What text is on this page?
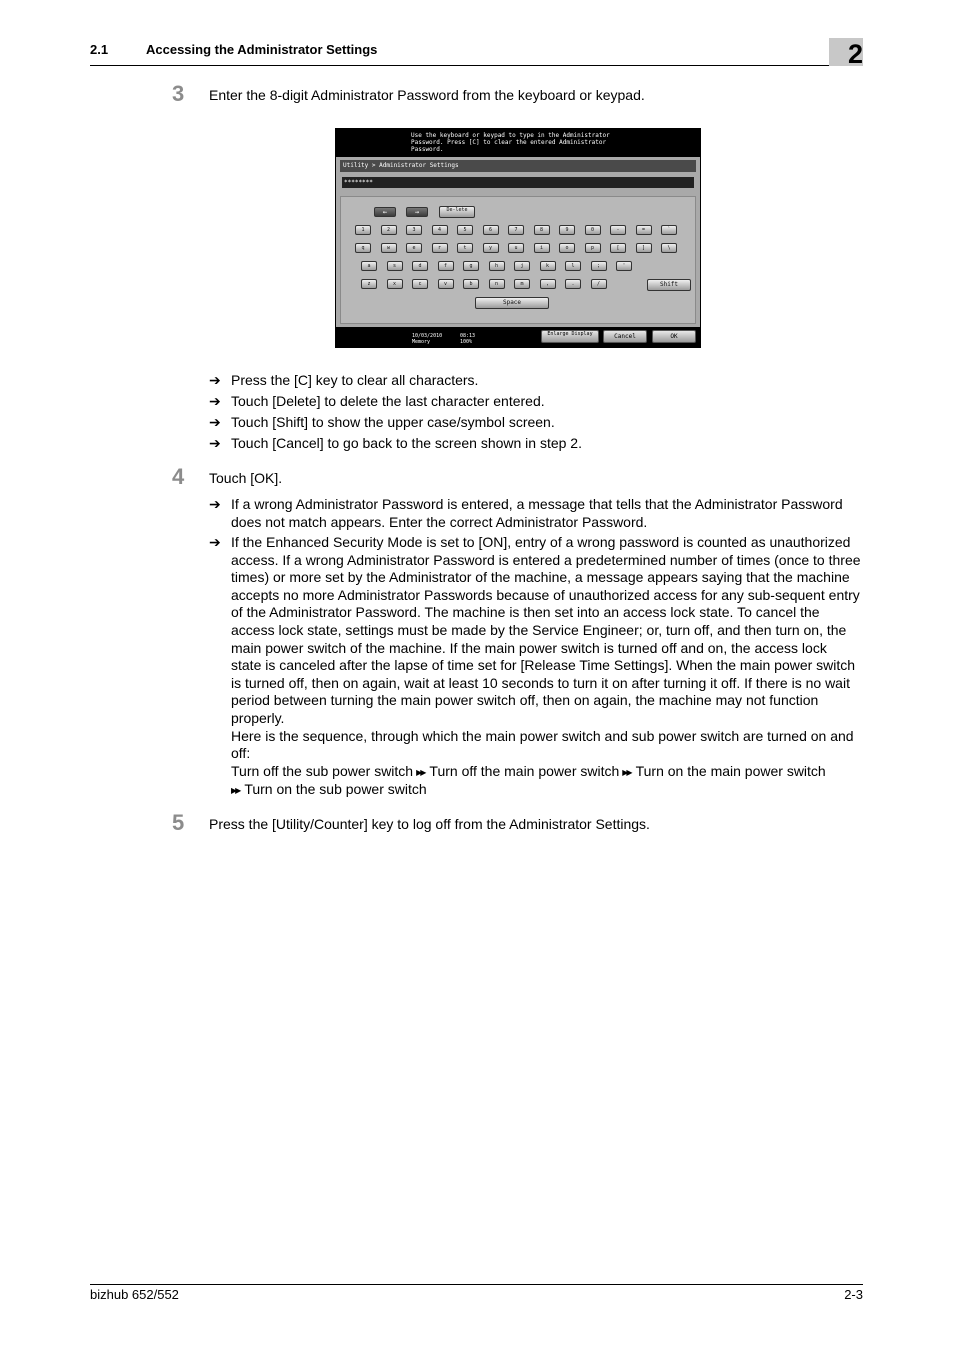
2.1	Accessing the Administrator Settings	2
3 Enter the 8-digit Administrator Password from the keyboard or keypad.
Use the keyboard or keypad to type in the Administrator Password. Press [C] to clear the entered Administrator Password.
Utility > Administrator Settings
********
←	→	De-lete
1	2	3	4	5	6	7	8	9	0	-	=	`
q	w	e	r	t	y	u	i	o	p	[	]	\
a	s	d	f	g	h	j	k	l	;	'
z	x	c	v	b	n	m	,	.	/	Shift
Space
10/03/2010
Memory
08:13
100%
Enlarge Display	Cancel	OK
➔ Press the [C] key to clear all characters.
➔ Touch [Delete] to delete the last character entered.
➔ Touch [Shift] to show the upper case/symbol screen.
➔ Touch [Cancel] to go back to the screen shown in step 2.
4 Touch [OK].
➔ If a wrong Administrator Password is entered, a message that tells that the Administrator Password does not match appears. Enter the correct Administrator Password.
➔ If the Enhanced Security Mode is set to [ON], entry of a wrong password is counted as unauthorized access. If a wrong Administrator Password is entered a predetermined number of times (once to three times) or more set by the Administrator of the machine, a message appears saying that the machine accepts no more Administrator Passwords because of unauthorized access for any sub-sequent entry of the Administrator Password. The machine is then set into an access lock state. To cancel the access lock state, settings must be made by the Service Engineer; or, turn off, and then turn on, the main power switch of the machine. If the main power switch is turned off and on, the access lock state is canceled after the lapse of time set for [Release Time Settings]. When the main power switch is turned off, then on again, wait at least 10 seconds to turn it on after turning it off. If there is no wait period between turning the main power switch off, then on again, the machine may not function properly.
Here is the sequence, through which the main power switch and sub power switch are turned on and off:
Turn off the sub power switch ▶▶ Turn off the main power switch ▶▶ Turn on the main power switch
▶▶ Turn on the sub power switch
5 Press the [Utility/Counter] key to log off from the Administrator Settings.
bizhub 652/552	2-3
